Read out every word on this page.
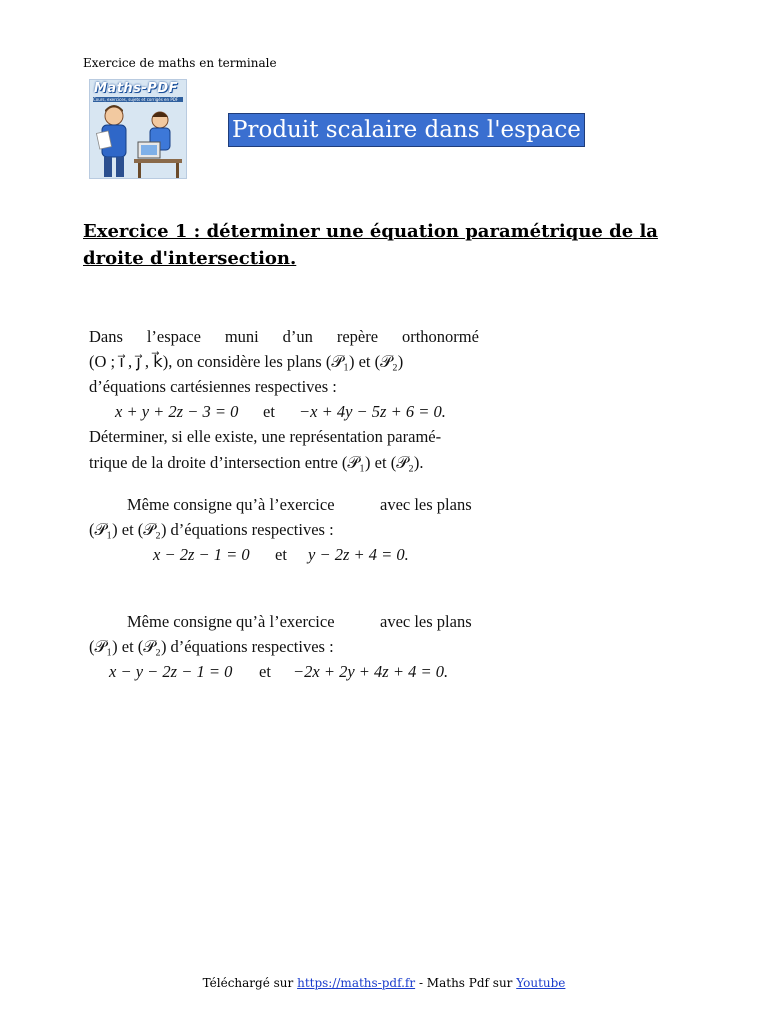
Exercice de maths en terminale
Maths-PDF
Cours, exercices, sujets et corrigés en PDF
Produit scalaire dans l'espace
Exercice 1 : déterminer une équation paramétrique de la droite d'intersection.
Dans l’espace muni d’un repère orthonormé
(O ; i⃗ , j⃗ , k⃗), on considère les plans (𝒫₁) et (𝒫₂)
d’équations cartésiennes respectives :
x + y + 2z − 3 = 0 et −x + 4y − 5z + 6 = 0.
Déterminer, si elle existe, une représentation paramé-
trique de la droite d’intersection entre (𝒫₁) et (𝒫₂).
Même consigne qu’à l’exercice	avec les plans
(𝒫₁) et (𝒫₂) d’équations respectives :
x − 2z − 1 = 0 et y − 2z + 4 = 0.
Même consigne qu’à l’exercice	avec les plans
(𝒫₁) et (𝒫₂) d’équations respectives :
x − y − 2z − 1 = 0 et −2x + 2y + 4z + 4 = 0.
Téléchargé sur https://maths-pdf.fr - Maths Pdf sur Youtube
